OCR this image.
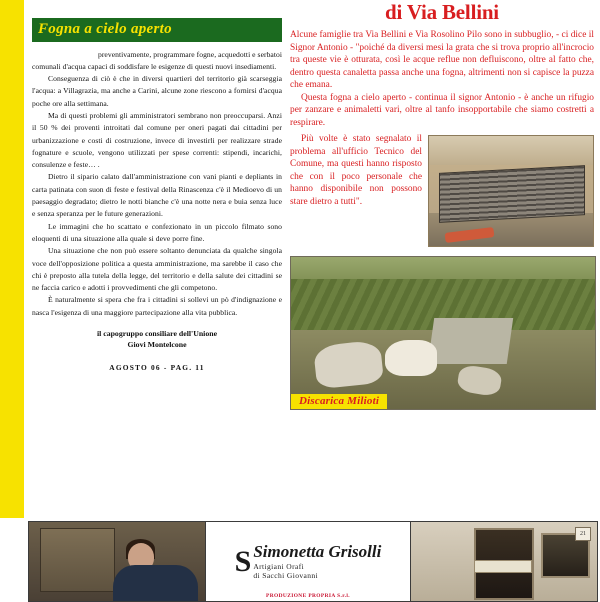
Fogna a cielo aperto

preventivamente, programmare fogne, acquedotti e serbatoi comunali d'acqua capaci di soddisfare le esigenze di questi nuovi insediamenti.

Conseguenza di ciò è che in diversi quartieri del territorio già scarseggia l'acqua: a Villagrazia, ma anche a Carini, alcune zone riescono a fornirsi d'acqua poche ore alla settimana.

Ma di questi problemi gli amministratori sembrano non preoccuparsi. Anzi il 50 % dei proventi introitati dal comune per oneri pagati dai cittadini per urbanizzazione e costi di costruzione, invece di investirli per realizzare strade fognature e scuole, vengono utilizzati per spese correnti: stipendi, incarichi, consulenze e feste… .

Dietro il sipario calato dall'amministrazione con vani pianti e depliants in carta patinata con suon di feste e festival della Rinascenza c'è il Medioevo di un paesaggio degradato; dietro le notti bianche c'è una notte nera e buia senza luce e senza speranza per le future generazioni.

Le immagini che ho scattato e confezionato in un piccolo filmato sono eloquenti di una situazione alla quale si deve porre fine.

Una situazione che non può essere soltanto denunciata da qualche singola voce dell'opposizione politica a questa amministrazione, ma sarebbe il caso che chi è preposto alla tutela della legge, del territorio e della salute dei cittadini se ne faccia carico e adotti i provvedimenti che gli competono.

È naturalmente si spera che fra i cittadini si sollevi un pò d'indignazione e nasca l'esigenza di una maggiore partecipazione alla vita pubblica.

il capogruppo consiliare dell'Unione
Giovi Montelcone
AGOSTO 06 - PAG. 11
di Via Bellini

Alcune famiglie tra Via Bellini e Via Rosolino Pilo sono in subbuglio, - ci dice il Signor Antonio - "poiché da diversi mesi la grata che si trova proprio all'incrocio tra queste vie è otturata, così le acque reflue non defluiscono, oltre al fatto che, dentro questa canaletta passa anche una fogna, altrimenti non si capisce la puzza che emana.

Questa fogna a cielo aperto - continua il signor Antonio - è anche un rifugio per zanzare e animaletti vari, oltre al tanfo insopportabile che siamo costretti a respirare.

Più volte è stato segnalato il problema all'ufficio Tecnico del Comune, ma questi hanno risposto che con il poco personale che hanno disponibile non possono stare dietro a tutti".

Discarica Milioti
S Simonetta Grisolli
Artigiani Orafi
di Sacchi Giovanni
PRODUZIONE PROPRIA S.r.l.
21
